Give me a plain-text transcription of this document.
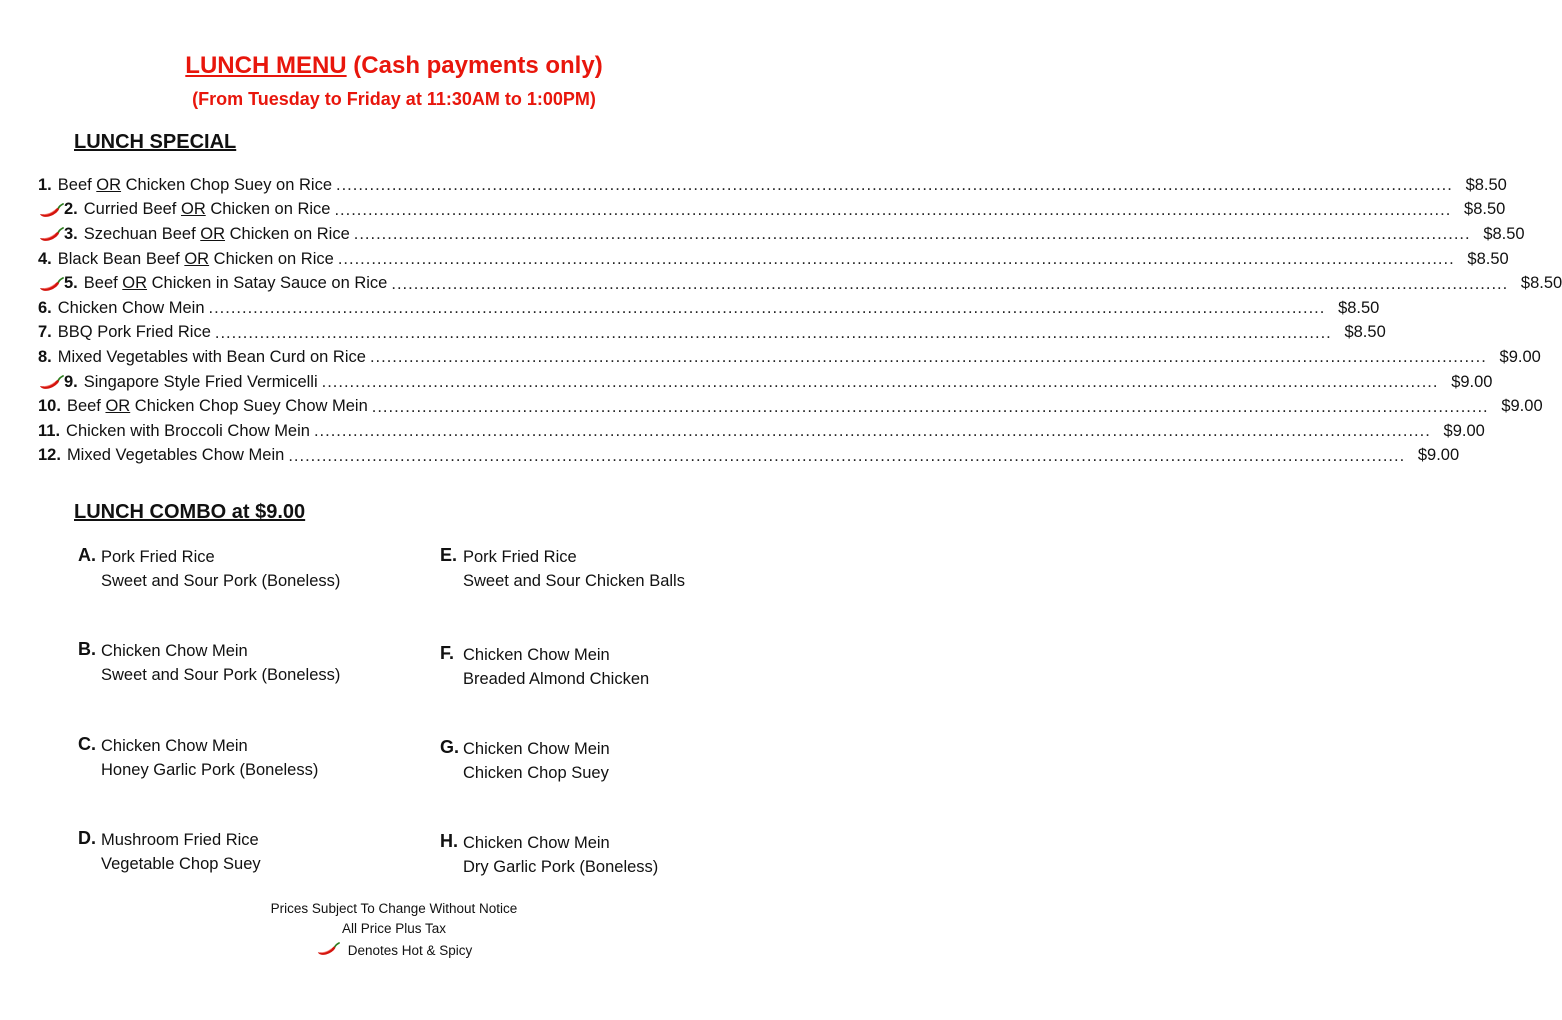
LUNCH MENU (Cash payments only)
(From Tuesday to Friday at 11:30AM to 1:00PM)
LUNCH SPECIAL
1. Beef OR Chicken Chop Suey on Rice ........................................................................................................................................................................................................ $8.50
2. Curried Beef OR Chicken on Rice ........................................................................................................................................................................................................ $8.50
3. Szechuan Beef OR Chicken on Rice ........................................................................................................................................................................................................ $8.50
4. Black Bean Beef OR Chicken on Rice ........................................................................................................................................................................................................ $8.50
5. Beef OR Chicken in Satay Sauce on Rice ........................................................................................................................................................................................................ $8.50
6. Chicken Chow Mein ........................................................................................................................................................................................................ $8.50
7. BBQ Pork Fried Rice ........................................................................................................................................................................................................ $8.50
8. Mixed Vegetables with Bean Curd on Rice ........................................................................................................................................................................................................ $9.00
9. Singapore Style Fried Vermicelli ........................................................................................................................................................................................................ $9.00
10. Beef OR Chicken Chop Suey Chow Mein ........................................................................................................................................................................................................ $9.00
11. Chicken with Broccoli Chow Mein ........................................................................................................................................................................................................ $9.00
12. Mixed Vegetables Chow Mein ........................................................................................................................................................................................................ $9.00
LUNCH COMBO at $9.00
A. Pork Fried Rice
Sweet and Sour Pork (Boneless)
B. Chicken Chow Mein
Sweet and Sour Pork (Boneless)
C. Chicken Chow Mein
Honey Garlic Pork (Boneless)
D. Mushroom Fried Rice
Vegetable Chop Suey
E. Pork Fried Rice
Sweet and Sour Chicken Balls
F. Chicken Chow Mein
Breaded Almond Chicken
G. Chicken Chow Mein
Chicken Chop Suey
H. Chicken Chow Mein
Dry Garlic Pork (Boneless)
Prices Subject To Change Without Notice
All Price Plus Tax
Denotes Hot & Spicy
